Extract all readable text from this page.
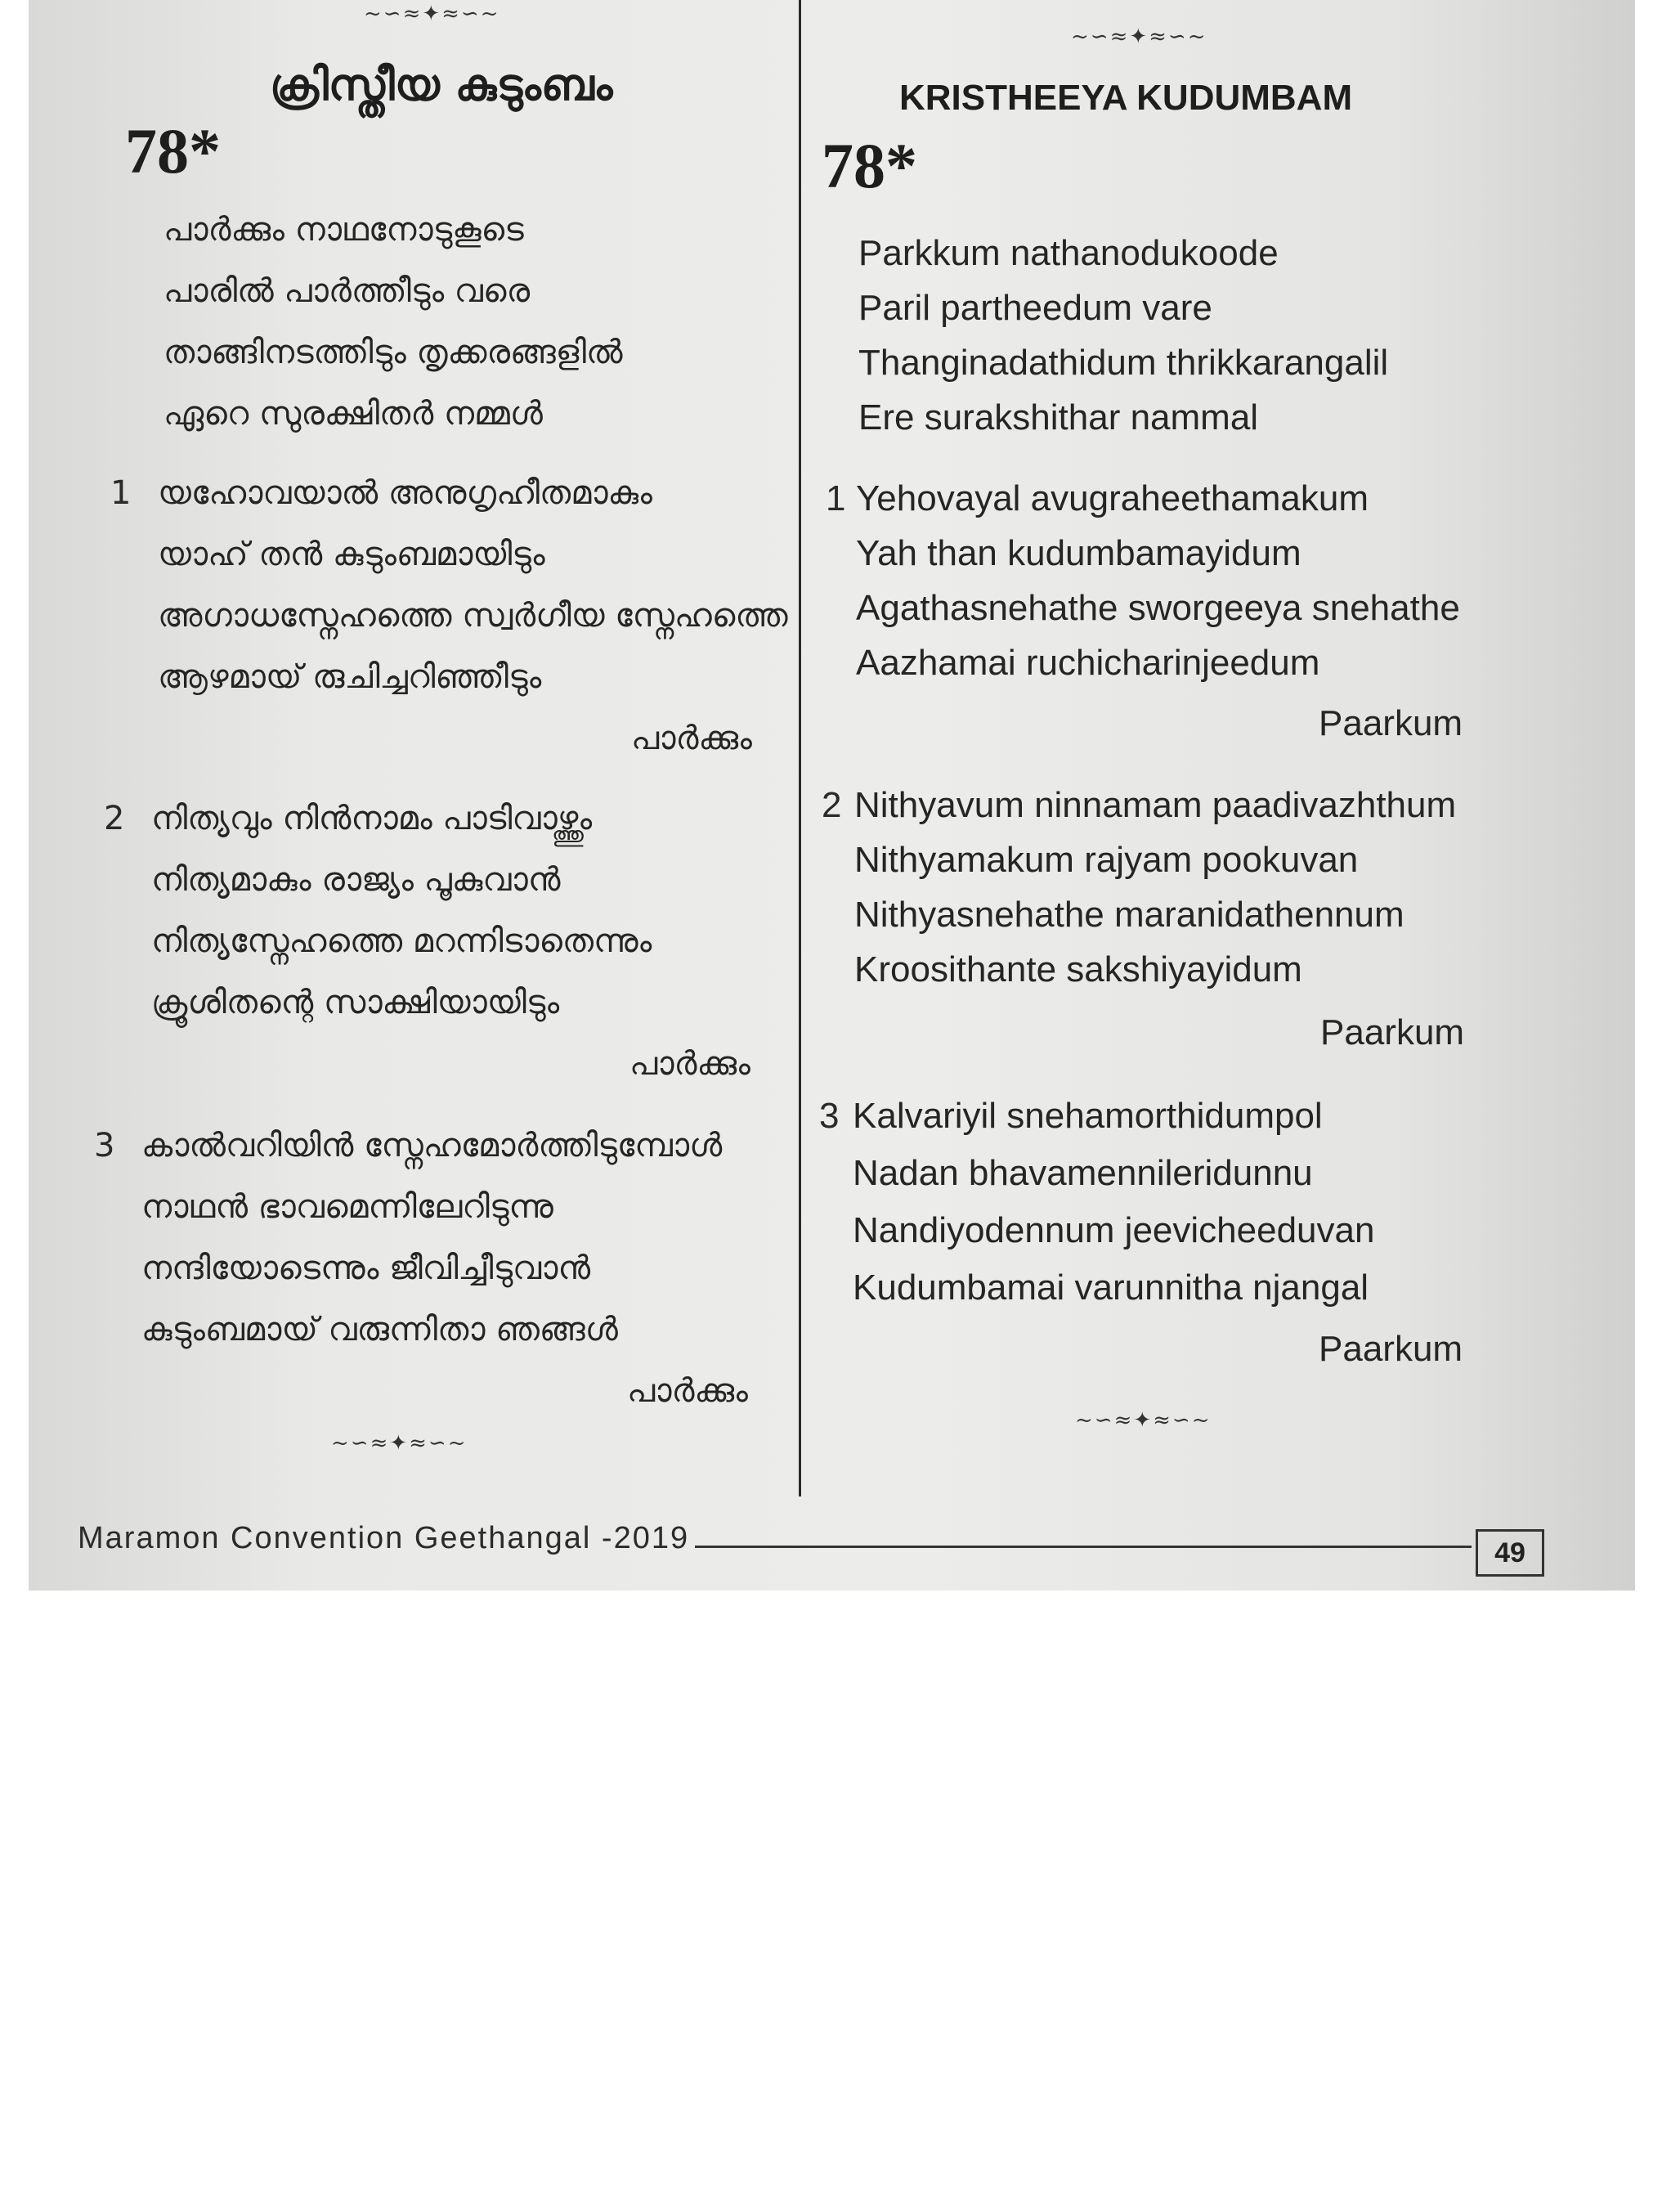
~∽≈✦≈∽~
ക്രിസ്തീയ കുടുംബം
78*
പാർക്കും നാഥനോടുകൂടെ
പാരിൽ പാർത്തീടും വരെ
താങ്ങിനടത്തിടും തൃക്കരങ്ങളിൽ
ഏറെ സുരക്ഷിതർ നമ്മൾ
1 യഹോവയാൽ അനുഗൃഹീതമാകും
യാഹ് തൻ കുടുംബമായിടും
അഗാധസ്നേഹത്തെ സ്വർഗീയ സ്നേഹത്തെ
ആഴമായ് രുചിച്ചറിഞ്ഞീടും
പാർക്കും
2 നിത്യവും നിൻനാമം പാടിവാഴ്ത്തും
നിത്യമാകും രാജ്യം പൂകുവാൻ
നിത്യസ്നേഹത്തെ മറന്നിടാതെന്നും
ക്രൂശിതന്റെ സാക്ഷിയായിടും
പാർക്കും
3 കാൽവറിയിൻ സ്നേഹമോർത്തിടുമ്പോൾ
നാഥൻ ഭാവമെന്നിലേറിടുന്നു
നന്ദിയോടെന്നും ജീവിച്ചീടുവാൻ
കുടുംബമായ് വരുന്നിതാ ഞങ്ങൾ
പാർക്കും
~∽≈✦≈∽~
~∽≈✦≈∽~
KRISTHEEYA KUDUMBAM
78*
Parkkum nathanodukoode
Paril partheedum vare
Thanginadathidum thrikkarangalil
Ere surakshithar nammal
1 Yehovayal avugraheethamakum
Yah than kudumbamayidum
Agathasnehathe sworgeeya snehathe
Aazhamai ruchicharinjeedum
Paarkum
2 Nithyavum ninnamam paadivazhthum
Nithyamakum rajyam pookuvan
Nithyasnehathe maranidathennum
Kroosithante sakshiyayidum
Paarkum
3 Kalvariyil snehamorthidumpol
Nadan bhavamennileridunnu
Nandiyodennum jeevicheeduvan
Kudumbamai varunnitha njangal
Paarkum
~∽≈✦≈∽~
Maramon Convention Geethangal -2019	49
